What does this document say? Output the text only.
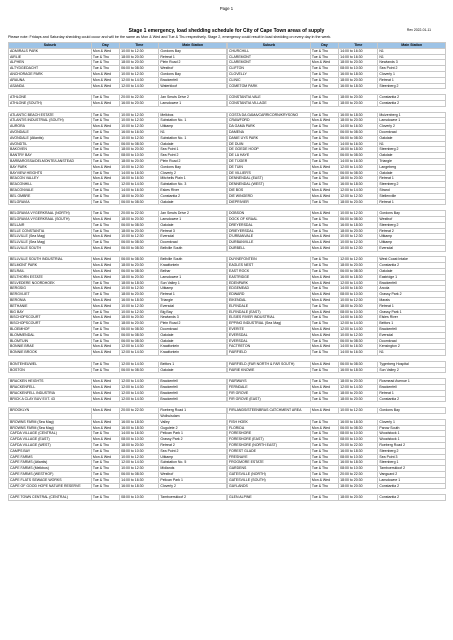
Page 1
Rev 2022-01-11
Stage 1 emergency, load shedding schedule for City of Cape Town areas of supply
Please note: Fridays and Saturday shedding could occur and will be the same as Mon & Wed and Tue & Thu respectively. Stage 2, emergency could result in load shedding on every day in the week.
Suburb	Day	Time	Main Station
ADMIRALS PARK	Mon & Wed	10:00 to 12:30	Gordons Bay
AIRLIE	Tue & Thu	18:00 to 20:30	Retreat 1
ALPHEN	Tue & Thu	18:00 to 20:30	Plein Road 2
ALTYDGEDACHT	Tue & Thu	06:00 to 08:30	Westhof
ANCHORAGE PARK	Mon & Wed	10:00 to 12:30	Gordons Bay
ARAUNA	Mon & Wed	12:00 to 14:30	Brackenfell
ASANDA	Mon & Wed	12:00 to 14:30	Waterkloof

ATHLONE	Tue & Thu	20:00 to 22:30	Jan Smuts Drive 2
ATHLONE (SOUTH)	Mon & Wed	16:00 to 20:30	Lansdowne 1

ATLANTIC BEACH ESTATE	Tue & Thu	10:00 to 12:30	Melkbos
ATLANTIS INDUSTRIAL (SOUTH)	Tue & Thu	10:00 to 12:30	Substation No. 1
AURORA	Mon & Wed	10:00 to 12:30	Uitkamp
AVONDALE	Tue & Thu	16:00 to 16:30	N1
AVONDALE (Atlantis)	Tue & Thu	10:00 to 12:30	Substation No. 1
AVONDTIL	Tue & Thu	06:00 to 08:30	Oakdale
BAKOVEN	Tue & Thu	18:00 to 20:30	Sea Point 1
BANTRY BAY	Tue & Thu	08:00 to 10:30	Sea Point 2
BARBAROSSA/DELMONTE/LANSTEAD	Tue & Thu	18:00 to 20:30	Plein Road 2
BAY PARK	Mon & Wed	10:00 to 12:30	Gordons Bay
BAYVIEW HEIGHTS	Tue & Thu	14:00 to 16:30	Cloverly 2
BEACON VALLEY	Mon & Wed	16:00 to 16:30	Mitchells Plain 1
BEACONHILL	Tue & Thu	12:00 to 14:30	Substation No. 3
BEACONVALE	Tue & Thu	14:00 to 16:30	Eskes River
BEL OMBRE	Tue & Thu	18:00 to 20:30	Constantia 2
BELGRAVIA	Tue & Thu	06:00 to 08:30	Oakdale

BELGRAVIA VYGERKRAAL (NORTH)	Tue & Thu	20:00 to 22:30	Jan Smuts Drive 2
BELGRAVIA VYGERKRAAL (SOUTH)	Mon & Wed	18:00 to 20:30	Lansdowne 1
BELLAIR	Tue & Thu	06:00 to 08:30	Oakdale
BELLE CONSTANTIA	Tue & Thu	18:00 to 20:30	Retreat 3
BELLVILLE (Sea Mag)	Mon & Wed	10:00 to 12:30	Eversdal
BELLVILLE (Sea Mag)	Tue & Thu	06:00 to 08:30	Doornkraal
BELLVILLE SOUTH	Mon & Wed	06:00 to 08:30	Bellville South

BELLVILLE SOUTH INDUSTRIAL	Mon & Wed	06:00 to 08:30	Bellville South
BELMONT PARK	Mon & Wed	18:00 to 20:30	Kraaifontein
BELRAIL	Mon & Wed	06:00 to 08:30	Belhar
BELTHORN ESTATE	Mon & Wed	18:00 to 20:30	Lansdowne 1
BELVEDERE NOORDHOEK	Tue & Thu	18:00 to 18:30	Sun Valley 1
BERGSIG	Mon & Wed	10:00 to 12:30	Uitkamp
BERGVLIET	Tue & Thu	18:00 to 20:30	Retreat 1
BERONIA	Mon & Wed	16:00 to 18:30	Triangle
BETHANIE	Mon & Wed	10:00 to 12:30	Eversdal
BIG BAY	Tue & Thu	10:00 to 12:30	Big Bay
BISCHOPSCOURT	Mon & Wed	18:00 to 20:30	Newlands 3
BISCHOPSCOURT	Tue & Thu	18:00 to 20:30	Plein Road 2
BLOEMHOF	Tue & Thu	06:00 to 08:30	Doornkraal
BLOMMENDAL	Tue & Thu	06:00 to 08:30	Oakdale
BLOMTUIN	Tue & Thu	06:00 to 08:30	Oakdale
BONNIE BRAE	Mon & Wed	12:00 to 14:30	Kraaifontein
BONNIE BROOK	Mon & Wed	12:00 to 14:30	Kraaifontein

BONTEHEUWEL	Tue & Thu	12:00 to 14:30	Belfors 1
BOSTON	Tue & Thu	06:00 to 08:30	Oakdale

BRACKEN HEIGHTS	Mon & Wed	12:00 to 14:30	Brackenfell
BRACKENFELL	Mon & Wed	12:00 to 14:30	Brackenfell
BRACKENFELL INDUSTRIA	Mon & Wed	12:00 to 14:30	Brackenfell
BRICK A CLAY BUV EXT. 43	Mon & Wed	12:00 to 14:30	Brackenfell

BROOKLYN	Mon & Wed	20:00 to 22:30	Roeberg Road 1
			Wolhuisdam
BROWNS FARM (Sea Mag)	Mon & Wed	16:00 to 18:30	Valley
BROWNS FARM (Sea Mag)	Mon & Wed	16:00 to 18:30	Gugulete 2
CAFDA VILLAGE (CENTRAL)	Tue & Thu	14:00 to 16:30	Pelican Park 1
CAFDA VILLAGE (EAST)	Mon & Wed	08:00 to 10:30	Grassy Park 2
CAFDA VILLAGE (WEST)	Tue & Thu	18:00 to 20:30	Retreat 2
CAMPS BAY	Tue & Thu	08:00 to 10:30	Sea Point 2
CAPE FARMS	Mon & Wed	10:00 to 12:30	Uitkamp
CAPE FARMS (Atlantis)	Tue & Thu	12:00 to 14:30	Substation No. 5
CAPE FARMS (Melkbos)	Tue & Thu	10:00 to 12:30	Midlands
CAPE FARMS (WESTHOF)	Tue & Thu	06:00 to 08:30	Westhof
CAPE FLATS SEWAGE WORKS	Tue & Thu	14:00 to 16:30	Pelican Park 1
CAPE OF GOOD HOPE NATURE RESERVE	Tue & Thu	16:00 to 18:30	Cloverly 2

CAPE TOWN CENTRAL (CENTRAL)	Tue & Thu	08:00 to 10:30	Tamboerskloof 2
Suburb	Day	Time	Main Station
CHURCHILL	Tue & Thu	14:00 to 16:30	N1
CLAREMONT	Tue & Thu	14:00 to 16:30	N1
CLAREMONT	Mon & Wed	18:00 to 20:30	Newlands 3
CLIFTON	Tue & Thu	08:00 to 10:30	Sea Point 2
CLOVELLY	Tue & Thu	16:00 to 18:30	Cloverly 1
CLINIC	Tue & Thu	18:00 to 20:30	Retreat 1
COMETOM PARK	Tue & Thu	16:00 to 18:30	Steenberg 2

CONSTANTIA VALE	Tue & Thu	18:00 to 20:30	Constantia 2
CONSTANTIA VILLAGE	Tue & Thu	18:00 to 20:30	Constantia 2

COSTA DA GAMA/CARRICORN/KRYSONO	Tue & Thu	16:00 to 18:30	Muizenberg 1
CRAWFORD	Mon & Wed	18:00 to 20:30	Lansdowne 1
DA GAMA PARK	Tue & Thu	14:00 to 16:30	Cloverly 2
DAMENA	Tue & Thu	06:00 to 08:30	Doornkraal
DANIE UYS PARK	Tue & Thu	06:00 to 08:30	Oakdale
DE DUIN	Tue & Thu	14:00 to 16:30	N1
DE GOEDE HOOP	Tue & Thu	16:00 to 18:30	Steenberg 2
DE LA HAYE	Tue & Thu	06:00 to 08:30	Oakdale
DE TIJGER	Tue & Thu	14:00 to 16:30	Triangle
DE TUIN	Mon & Wed	12:00 to 14:30	Langeberg
DE VILLIER'S	Tue & Thu	06:00 to 08:30	Oakdale
DENNENDAL (EAST)	Tue & Thu	18:00 to 20:30	Retreat 1
DENNENDAL (WEST)	Tue & Thu	16:00 to 18:30	Steenberg 2
DIE BOS	Mon & Wed	12:00 to 14:30	Strand
DIE WINGERD	Mon & Wed	12:00 to 12:30	Stellenville
DIEPRIVIER	Tue & Thu	18:00 to 20:30	Retreat 1

DOBSON	Mon & Wed	10:00 to 12:30	Gordons Bay
DOCK OF KRAAL	Tue & Thu	06:00 to 08:30	Westhof
DREYERSDAL	Tue & Thu	16:00 to 18:30	Steenberg 2
DRIEYERSDAL	Tue & Thu	18:00 to 20:30	Retreat 2
D'URBANVALE	Mon & Wed	10:00 to 12:30	Uitkamp
DURBANVILLE	Mon & Wed	10:00 to 12:30	Uitkamp
DURBELL	Mon & Wed	10:00 to 12:30	Eversdal

DUYNEFONTEIN	Tue & Thu	12:00 to 12:30	West Coast Intake
EAGLES NEST	Tue & Thu	18:00 to 20:30	Constantia 2
EAST ROCK	Tue & Thu	06:00 to 08:30	Oakdale
EASTRIDGE	Mon & Wed	16:00 to 18:30	Eastridge 1
EDENPARK	Mon & Wed	12:00 to 14:30	Brackenfell
EDGEMEAD	Tue & Thu	14:00 to 16:30	Arcola
EDWARD	Mon & Wed	08:00 to 10:30	Grassy Park 2
EIKENDAL	Mon & Wed	10:00 to 12:30	Marais
ELFINDALE	Tue & Thu	18:00 to 20:30	Retreat 1
ELFINDALE (EAST)	Mon & Wed	08:00 to 10:30	Grassy Park 1
ELSIES RIVER INDUSTRIAL	Tue & Thu	14:00 to 16:30	Elsies River
EPPING INDUSTRIAL (Sea Mag)	Tue & Thu	12:00 to 14:30	Belfors 1
EVERITE	Mon & Wed	12:00 to 14:30	Brackenfell
EVERSDAL	Mon & Wed	10:00 to 12:30	Eversdal
EVERSDAL	Tue & Thu	06:00 to 08:30	Doornkraal
FACTRETON	Mon & Wed	14:00 to 16:30	Kensington 2
FAIRFIELD	Tue & Thu	14:00 to 16:30	N1

FAIRFIELD (FAR NORTH & FAR SOUTH)	Mon & Wed	06:00 to 08:30	Tygerberg Hospital
FAIRIE KNOWE	Tue & Thu	16:00 to 18:30	Sun Valley 2

FAIRWAYS	Tue & Thu	18:00 to 20:30	Rosmead Avenue 1
FERNDALE	Mon & Wed	12:00 to 14:30	Brackenfell
FIR GROVE	Tue & Thu	18:00 to 20:30	Retreat 1
FIR GROVE (EAST)	Tue & Thu	18:00 to 20:30	Constantia 2

FIRLANDS/STEENBRAS CATCHMENT AREA	Mon & Wed	10:00 to 12:30	Gordons Bay

FISH HOEK	Tue & Thu	16:00 to 18:30	Cloverly 1
FLORIDA	Mon & Wed	06:00 to 08:30	Parow South
FORESHORE	Tue & Thu	08:00 to 10:30	Woodstock 1
FORESHORE (EAST)	Tue & Thu	08:00 to 10:30	Woodstock 1
FORESHORE (NORTH EAST)	Tue & Thu	20:00 to 22:30	Roeberg Road 2
FOREST GLADE	Tue & Thu	16:00 to 18:30	Steenberg 2
FRESNAYE	Tue & Thu	08:00 to 10:30	Sea Point 3
FROGMORE ESTATE	Tue & Thu	16:00 to 18:30	Steenberg 1
GARDENS	Tue & Thu	08:00 to 10:30	Tamboerskloof 2
GATESVILLE (NORTH)	Tue & Thu	20:00 to 22:30	Vanguard 2
GATESVILLE (SOUTH)	Mon & Wed	18:00 to 20:30	Lansdowne 1
GAYLANDS	Tue & Thu	18:00 to 20:30	Constantia 2

GLEN ALPINE	Tue & Thu	18:00 to 20:30	Constantia 2
